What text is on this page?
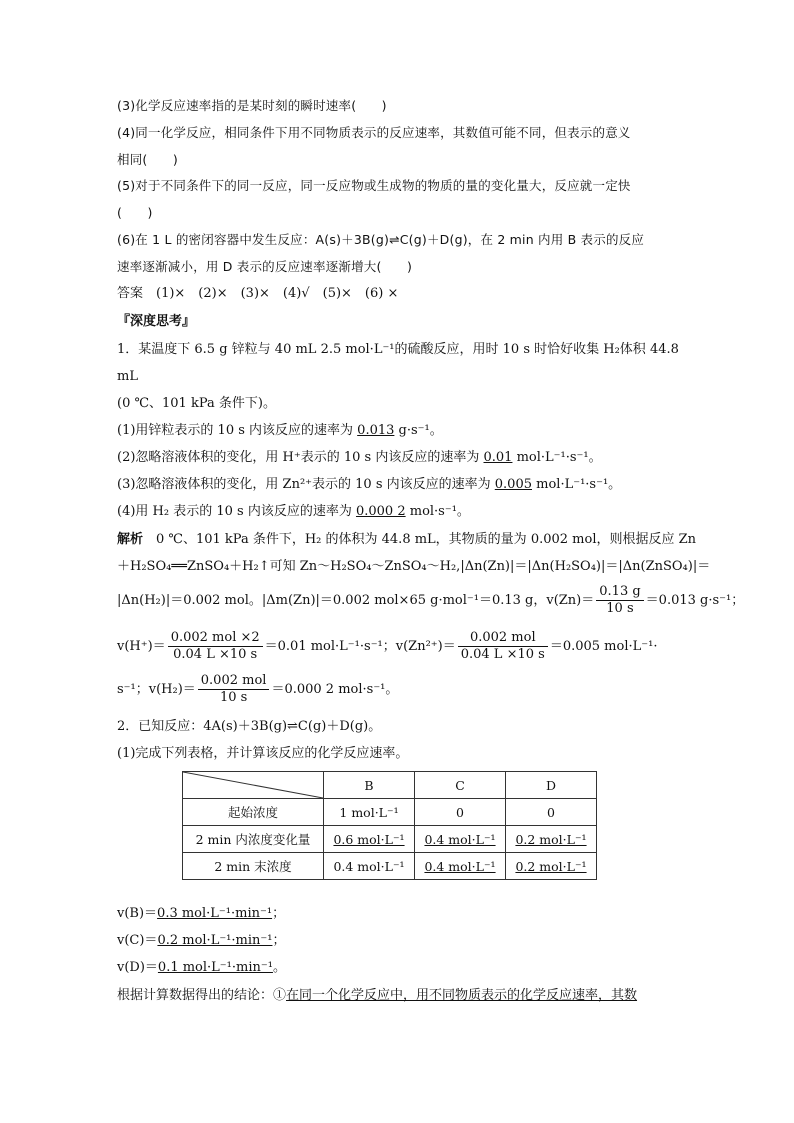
(3)化学反应速率指的是某时刻的瞬时速率(　　)
(4)同一化学反应，相同条件下用不同物质表示的反应速率，其数值可能不同，但表示的意义
相同(　　)
(5)对于不同条件下的同一反应，同一反应物或生成物的物质的量的变化量大，反应就一定快
(　　)
(6)在 1 L 的密闭容器中发生反应：A(s)＋3B(g)⇌C(g)＋D(g)，在 2 min 内用 B 表示的反应
速率逐渐减小，用 D 表示的反应速率逐渐增大(　　)
答案　(1)×　(2)×　(3)×　(4)√　(5)×　(6) ×
『深度思考』
1．某温度下 6.5 g 锌粒与 40 mL 2.5 mol·L⁻¹的硫酸反应，用时 10 s 时恰好收集 H₂体积 44.8
mL
(0 ℃、101 kPa 条件下)。
(1)用锌粒表示的 10 s 内该反应的速率为 0.013 g·s⁻¹。
(2)忽略溶液体积的变化，用 H⁺表示的 10 s 内该反应的速率为 0.01 mol·L⁻¹·s⁻¹。
(3)忽略溶液体积的变化，用 Zn²⁺表示的 10 s 内该反应的速率为 0.005 mol·L⁻¹·s⁻¹。
(4)用 H₂ 表示的 10 s 内该反应的速率为 0.000 2 mol·s⁻¹。
解析　0 ℃、101 kPa 条件下，H₂ 的体积为 44.8 mL，其物质的量为 0.002 mol，则根据反应 Zn
＋H₂SO₄══ZnSO₄＋H₂↑可知 Zn～H₂SO₄～ZnSO₄～H₂,|Δn(Zn)|＝|Δn(H₂SO₄)|＝|Δn(ZnSO₄)|＝
|Δn(H₂)|＝0.002 mol。|Δm(Zn)|＝0.002 mol×65 g·mol⁻¹＝0.13 g，$v(Zn)= \frac{0.13 g}{10 s} =0.013$ g·s⁻¹；
$v(H^+)= \frac{\text{0.002 mol ×2}}{0.04 L \times 10 s} =0.01$ mol·L⁻¹·s⁻¹；$v(Zn^{2+})= \frac{\text{0.002 mol}}{0.04 L \times 10 s} =0.005$ mol·L⁻¹·
s⁻¹；$v(H_2)= \frac{\text{0.002 mol}}{10 s} =0.000$ 2 mol·s⁻¹。
2．已知反应：4A(s)＋3B(g)⇌C(g)＋D(g)。
(1)完成下列表格，并计算该反应的化学反应速率。
	B	C	D
起始浓度	1 mol·L⁻¹	0	0
2 min 内浓度变化量	0.6 mol·L⁻¹	0.4 mol·L⁻¹	0.2 mol·L⁻¹
2 min 末浓度	0.4 mol·L⁻¹	0.4 mol·L⁻¹	0.2 mol·L⁻¹
v(B)＝0.3 mol·L⁻¹·min⁻¹；
v(C)＝0.2 mol·L⁻¹·min⁻¹；
v(D)＝0.1 mol·L⁻¹·min⁻¹。
根据计算数据得出的结论：①在同一个化学反应中，用不同物质表示的化学反应速率，其数
